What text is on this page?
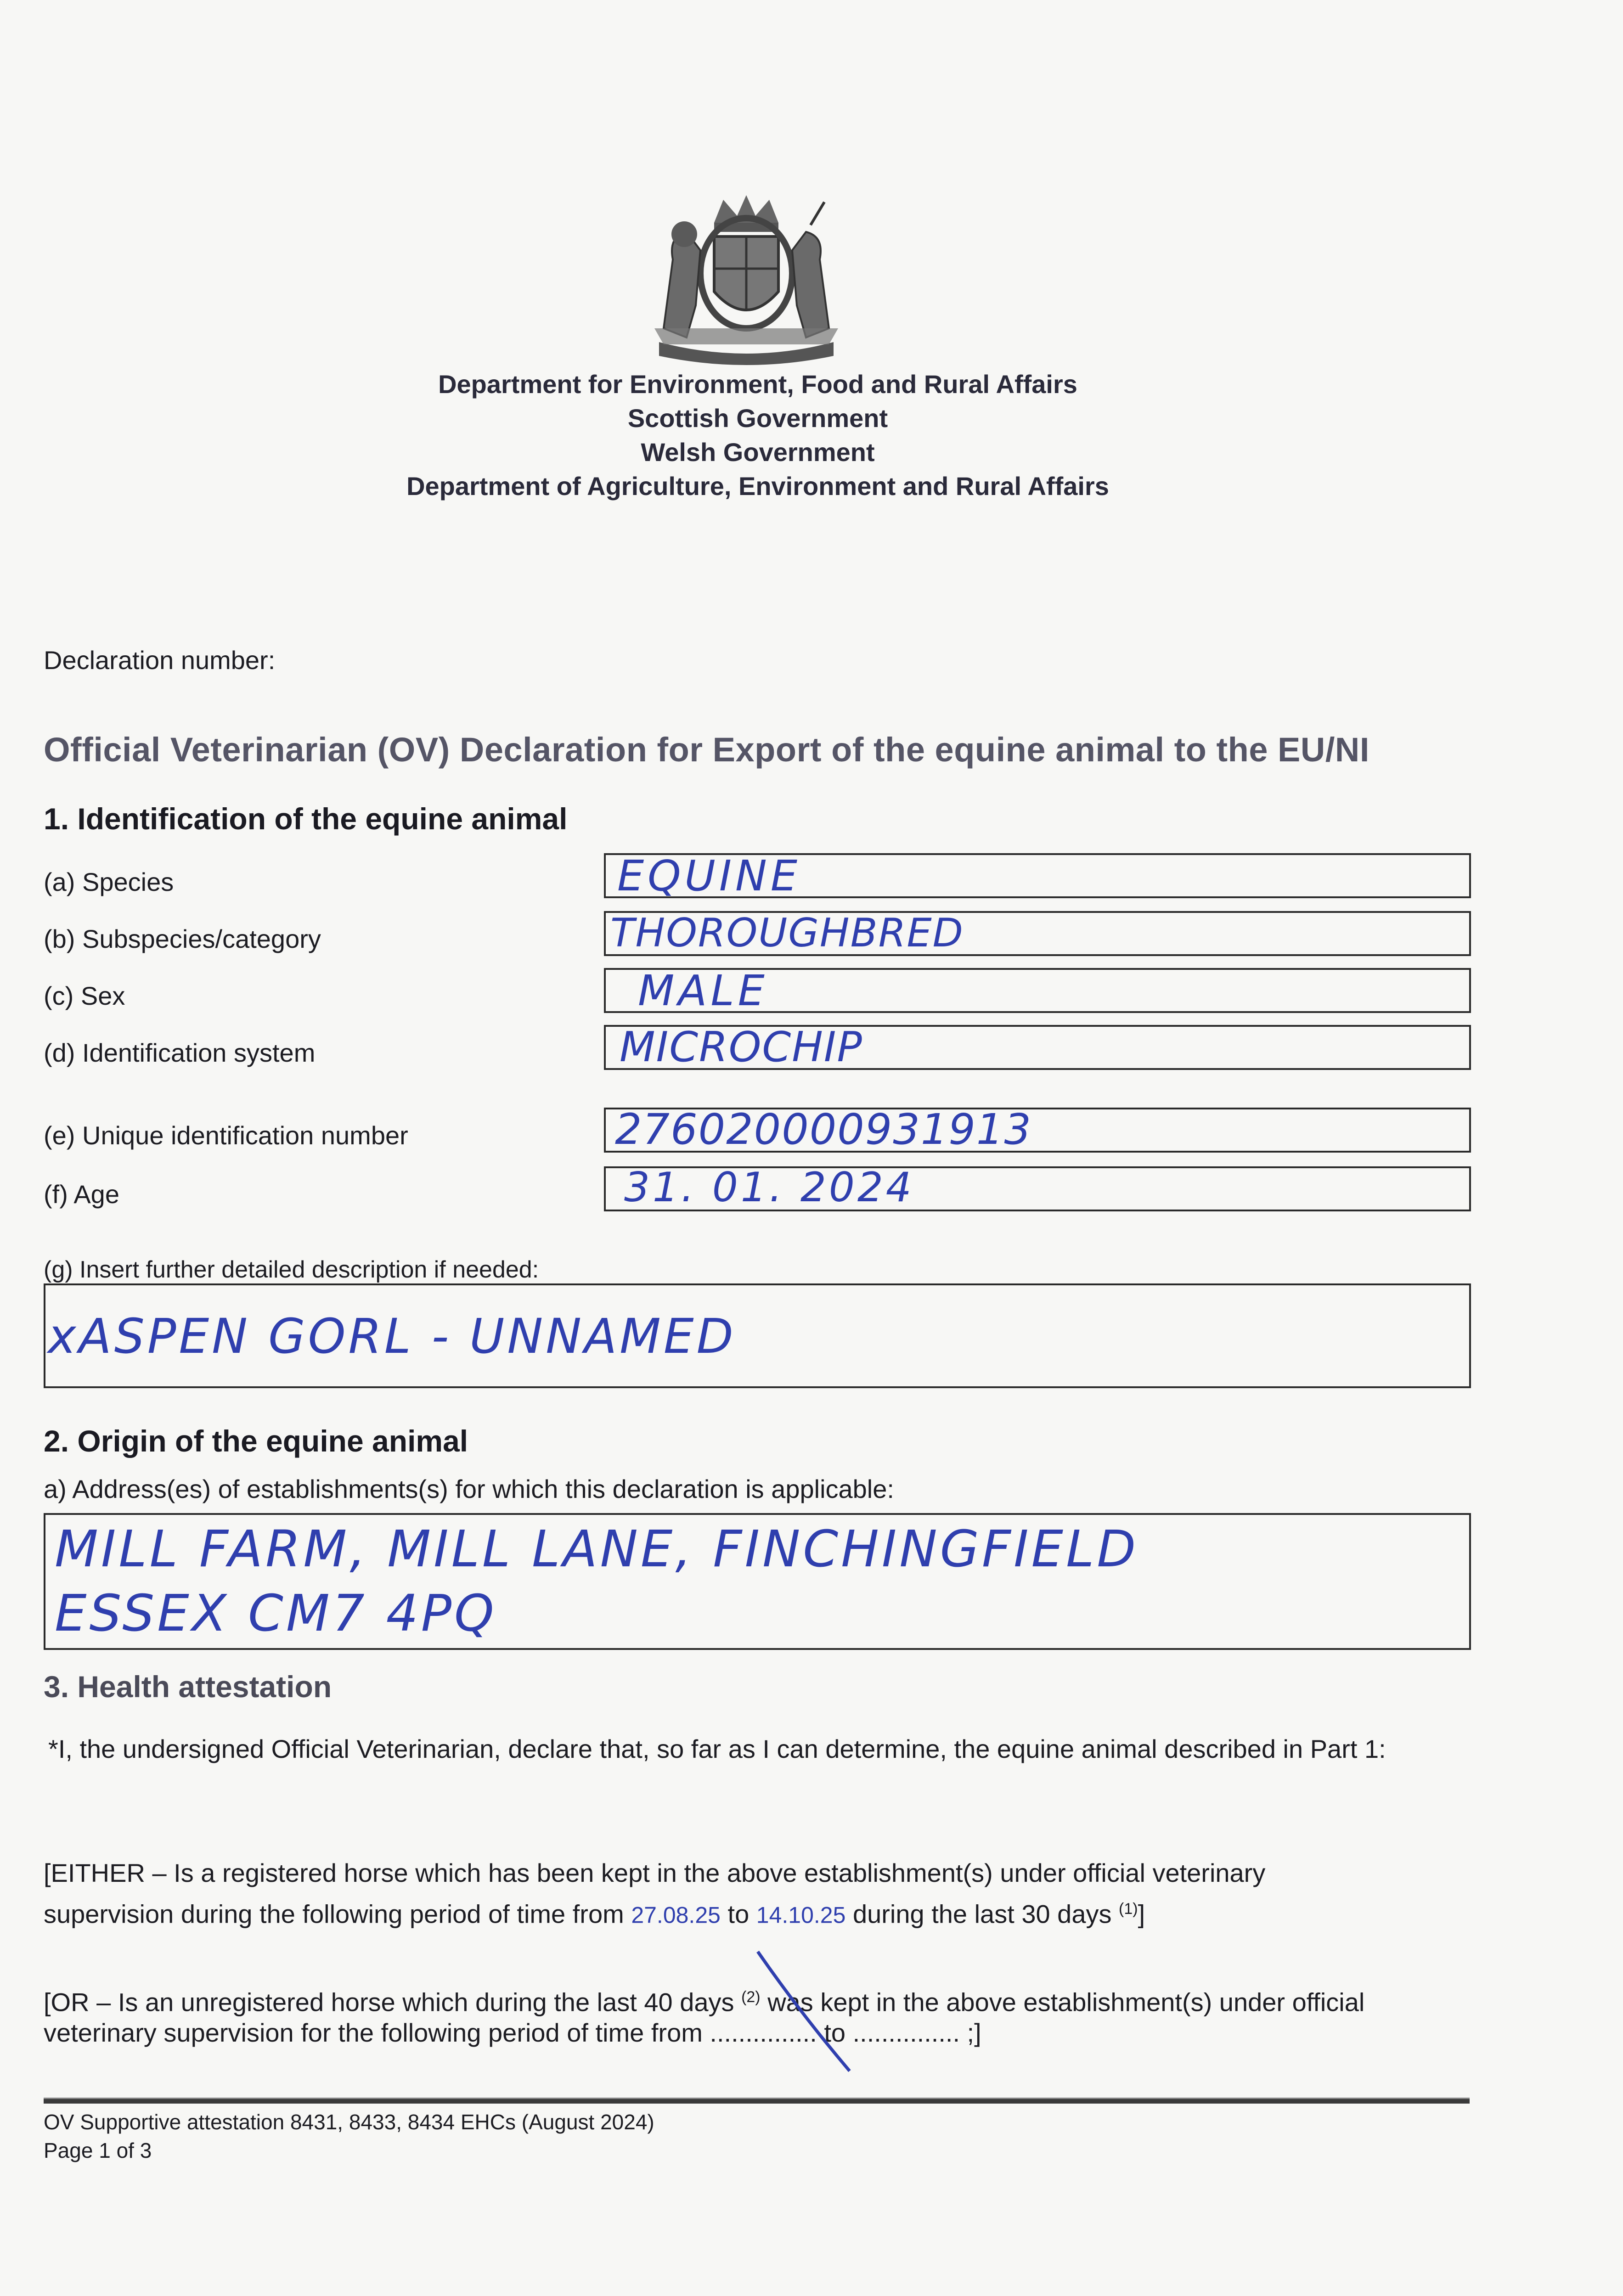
Department for Environment, Food and Rural Affairs
Scottish Government
Welsh Government
Department of Agriculture, Environment and Rural Affairs
Declaration number:
Official Veterinarian (OV) Declaration for Export of the equine animal to the EU/NI
1. Identification of the equine animal
(a) Species	EQUINE
(b) Subspecies/category	THOROUGHBRED
(c) Sex	MALE
(d) Identification system	MICROCHIP
(e) Unique identification number	276020000931913
(f) Age	31. 01. 2024
(g) Insert further detailed description if needed:
xASPEN GORL - UNNAMED
2. Origin of the equine animal
a) Address(es) of establishments(s) for which this declaration is applicable:
MILL FARM, MILL LANE, FINCHINGFIELD
ESSEX CM7 4PQ
3. Health attestation
*I, the undersigned Official Veterinarian, declare that, so far as I can determine, the equine animal described in Part 1:
[EITHER – Is a registered horse which has been kept in the above establishment(s) under official veterinary
supervision during the following period of time from 27.08.25 to 14.10.25 during the last 30 days $^{(1)}$]
[OR – Is an unregistered horse which during the last 40 days $^{(2)}$ was kept in the above establishment(s) under official
veterinary supervision for the following period of time from ............... to ............... ;]
OV Supportive attestation 8431, 8433, 8434 EHCs (August 2024)
Page 1 of 3
